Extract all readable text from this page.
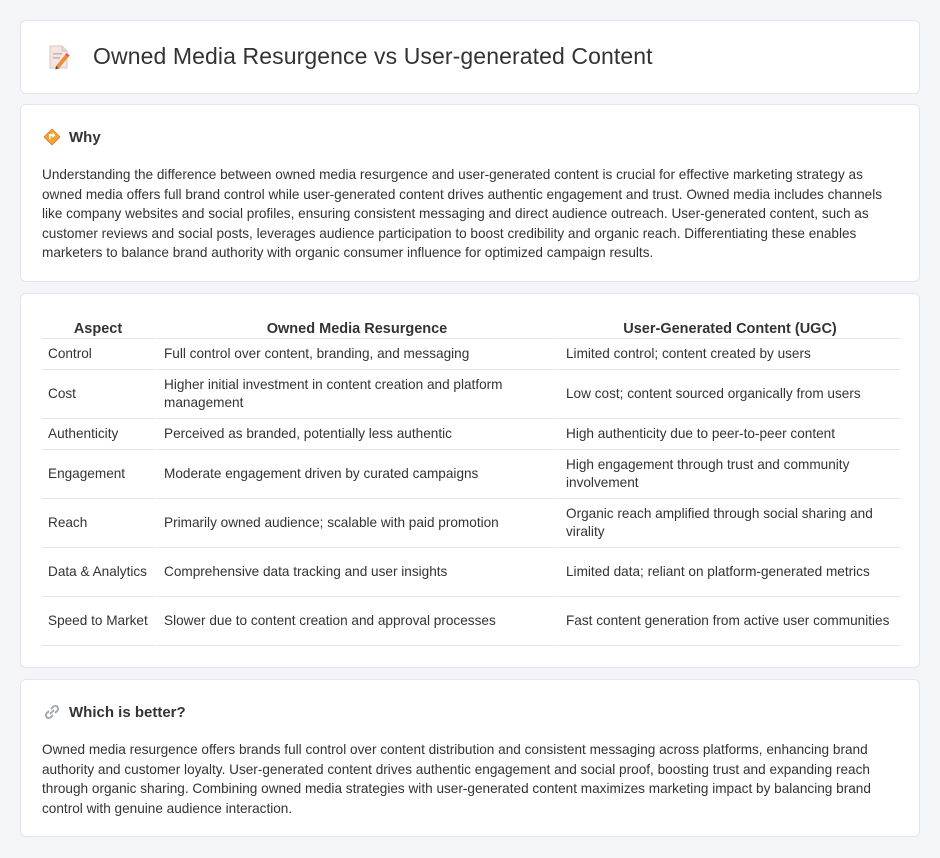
Owned Media Resurgence vs User-generated Content
Why

Understanding the difference between owned media resurgence and user-generated content is crucial for effective marketing strategy as owned media offers full brand control while user-generated content drives authentic engagement and trust. Owned media includes channels like company websites and social profiles, ensuring consistent messaging and direct audience outreach. User-generated content, such as customer reviews and social posts, leverages audience participation to boost credibility and organic reach. Differentiating these enables marketers to balance brand authority with organic consumer influence for optimized campaign results.

Aspect	Owned Media Resurgence	User-Generated Content (UGC)
Control	Full control over content, branding, and messaging	Limited control; content created by users
Cost	Higher initial investment in content creation and platform management	Low cost; content sourced organically from users
Authenticity	Perceived as branded, potentially less authentic	High authenticity due to peer-to-peer content
Engagement	Moderate engagement driven by curated campaigns	High engagement through trust and community involvement
Reach	Primarily owned audience; scalable with paid promotion	Organic reach amplified through social sharing and virality
Data & Analytics	Comprehensive data tracking and user insights	Limited data; reliant on platform-generated metrics
Speed to Market	Slower due to content creation and approval processes	Fast content generation from active user communities
Which is better?

Owned media resurgence offers brands full control over content distribution and consistent messaging across platforms, enhancing brand authority and customer loyalty. User-generated content drives authentic engagement and social proof, boosting trust and expanding reach through organic sharing. Combining owned media strategies with user-generated content maximizes marketing impact by balancing brand control with genuine audience interaction.
